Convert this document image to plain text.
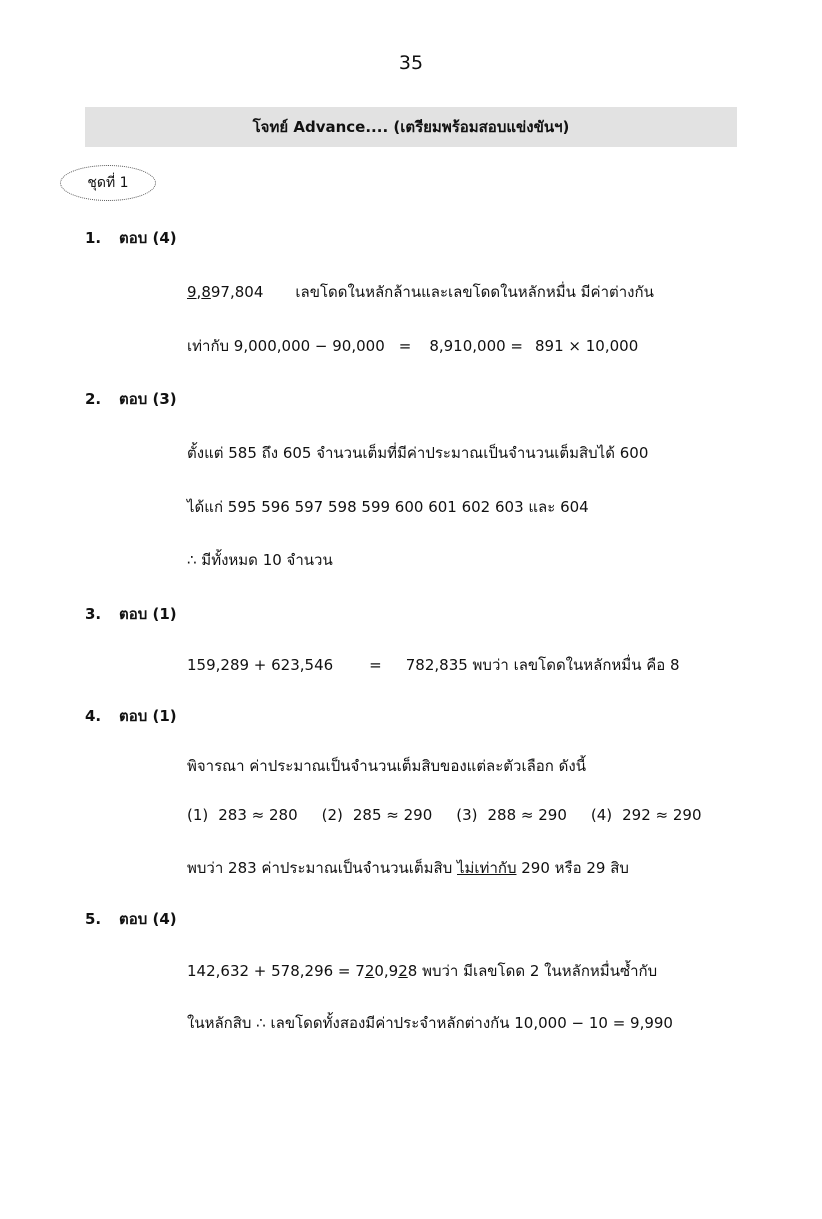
35
โจทย์ Advance.... (เตรียมพร้อมสอบแข่งขันฯ)
ชุดที่ 1
1. ตอบ (4)
9,897,804 เลขโดดในหลักล้านและเลขโดดในหลักหมื่น มีค่าต่างกัน
เท่ากับ 9,000,000 − 90,000 = 8,910,000 = 891 × 10,000
2. ตอบ (3)
ตั้งแต่ 585 ถึง 605 จำนวนเต็มที่มีค่าประมาณเป็นจำนวนเต็มสิบได้ 600
ได้แก่ 595 596 597 598 599 600 601 602 603 และ 604
∴ มีทั้งหมด 10 จำนวน
3. ตอบ (1)
159,289 + 623,546 = 782,835 พบว่า เลขโดดในหลักหมื่น คือ 8
4. ตอบ (1)
พิจารณา ค่าประมาณเป็นจำนวนเต็มสิบของแต่ละตัวเลือก ดังนี้
(1) 283 ≈ 280 (2) 285 ≈ 290 (3) 288 ≈ 290 (4) 292 ≈ 290
พบว่า 283 ค่าประมาณเป็นจำนวนเต็มสิบ ไม่เท่ากับ 290 หรือ 29 สิบ
5. ตอบ (4)
142,632 + 578,296 = 720,928 พบว่า มีเลขโดด 2 ในหลักหมื่นซ้ำกับ
ในหลักสิบ ∴ เลขโดดทั้งสองมีค่าประจำหลักต่างกัน 10,000 − 10 = 9,990
